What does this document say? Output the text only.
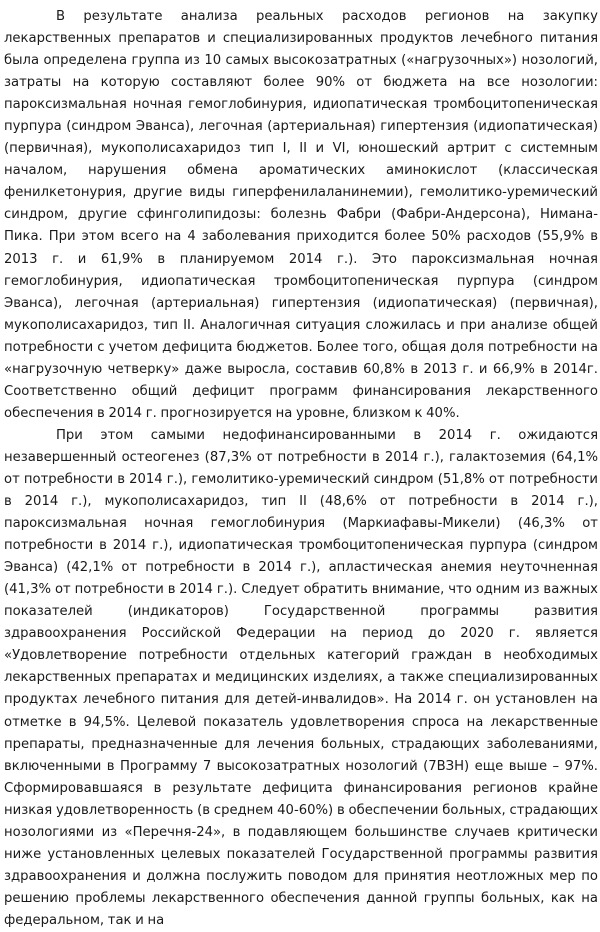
В результате анализа реальных расходов регионов на закупку лекарственных препаратов и специализированных продуктов лечебного питания была определена группа из 10 самых высокозатратных («нагрузочных») нозологий, затраты на которую составляют более 90% от бюджета на все нозологии: пароксизмальная ночная гемоглобинурия, идиопатическая тромбоцитопеническая пурпура (синдром Эванса), легочная (артериальная) гипертензия (идиопатическая) (первичная), мукополисахаридоз тип I, II и VI, юношеский артрит с системным началом, нарушения обмена ароматических аминокислот (классическая фенилкетонурия, другие виды гиперфенилаланинемии), гемолитико-уремический синдром, другие сфинголипидозы: болезнь Фабри (Фабри-Андерсона), Нимана-Пика. При этом всего на 4 заболевания приходится более 50% расходов (55,9% в 2013 г. и 61,9% в планируемом 2014 г.). Это пароксизмальная ночная гемоглобинурия, идиопатическая тромбоцитопеническая пурпура (синдром Эванса), легочная (артериальная) гипертензия (идиопатическая) (первичная), мукополисахаридоз, тип II. Аналогичная ситуация сложилась и при анализе общей потребности с учетом дефицита бюджетов. Более того, общая доля потребности на «нагрузочную четверку» даже выросла, составив 60,8% в 2013 г. и 66,9% в 2014г. Соответственно общий дефицит программ финансирования лекарственного обеспечения в 2014 г. прогнозируется на уровне, близком к 40%.

При этом самыми недофинансированными в 2014 г. ожидаются незавершенный остеогенез (87,3% от потребности в 2014 г.), галактоземия (64,1% от потребности в 2014 г.), гемолитико-уремический синдром (51,8% от потребности в 2014 г.), мукополисахаридоз, тип II (48,6% от потребности в 2014 г.), пароксизмальная ночная гемоглобинурия (Маркиафавы-Микели) (46,3% от потребности в 2014 г.), идиопатическая тромбоцитопеническая пурпура (синдром Эванса) (42,1% от потребности в 2014 г.), апластическая анемия неуточненная (41,3% от потребности в 2014 г.). Следует обратить внимание, что одним из важных показателей (индикаторов) Государственной программы развития здравоохранения Российской Федерации на период до 2020 г. является «Удовлетворение потребности отдельных категорий граждан в необходимых лекарственных препаратах и медицинских изделиях, а также специализированных продуктах лечебного питания для детей-инвалидов». На 2014 г. он установлен на отметке в 94,5%. Целевой показатель удовлетворения спроса на лекарственные препараты, предназначенные для лечения больных, страдающих заболеваниями, включенными в Программу 7 высокозатратных нозологий (7ВЗН) еще выше – 97%. Сформировавшаяся в результате дефицита финансирования регионов крайне низкая удовлетворенность (в среднем 40-60%) в обеспечении больных, страдающих нозологиями из «Перечня-24», в подавляющем большинстве случаев критически ниже установленных целевых показателей Государственной программы развития здравоохранения и должна послужить поводом для принятия неотложных мер по решению проблемы лекарственного обеспечения данной группы больных, как на федеральном, так и на
